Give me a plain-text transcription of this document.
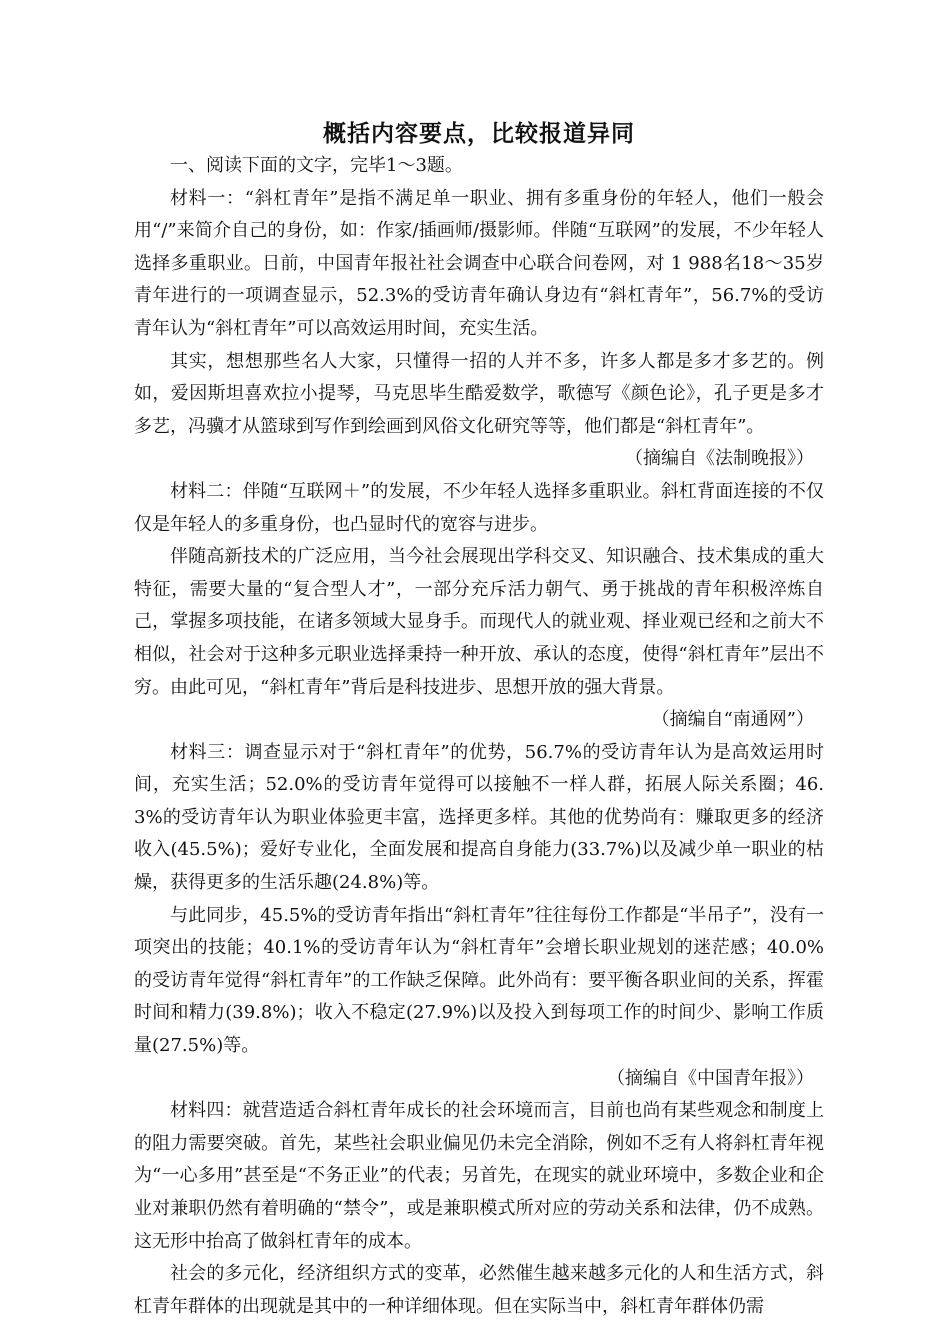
概括内容要点，比较报道异同

一、阅读下面的文字，完毕1～3题。

材料一：“斜杠青年”是指不满足单一职业、拥有多重身份的年轻人，他们一般会用“/”来简介自己的身份，如：作家/插画师/摄影师。伴随“互联网”的发展，不少年轻人选择多重职业。日前，中国青年报社社会调查中心联合问卷网，对 1 988名18～35岁青年进行的一项调查显示，52.3%的受访青年确认身边有“斜杠青年”，56.7%的受访青年认为“斜杠青年”可以高效运用时间，充实生活。

其实，想想那些名人大家，只懂得一招的人并不多，许多人都是多才多艺的。例如，爱因斯坦喜欢拉小提琴，马克思毕生酷爱数学，歌德写《颜色论》，孔子更是多才多艺，冯骥才从篮球到写作到绘画到风俗文化研究等等，他们都是“斜杠青年”。

（摘编自《法制晚报》）

材料二：伴随“互联网＋”的发展，不少年轻人选择多重职业。斜杠背面连接的不仅仅是年轻人的多重身份，也凸显时代的宽容与进步。

伴随高新技术的广泛应用，当今社会展现出学科交叉、知识融合、技术集成的重大特征，需要大量的“复合型人才”，一部分充斥活力朝气、勇于挑战的青年积极淬炼自己，掌握多项技能，在诸多领域大显身手。而现代人的就业观、择业观已经和之前大不相似，社会对于这种多元职业选择秉持一种开放、承认的态度，使得“斜杠青年”层出不穷。由此可见，“斜杠青年”背后是科技进步、思想开放的强大背景。

（摘编自“南通网”）

材料三：调查显示对于“斜杠青年”的优势，56.7%的受访青年认为是高效运用时间，充实生活；52.0%的受访青年觉得可以接触不一样人群，拓展人际关系圈；46.3%的受访青年认为职业体验更丰富，选择更多样。其他的优势尚有：赚取更多的经济收入(45.5%)；爱好专业化，全面发展和提高自身能力(33.7%)以及减少单一职业的枯燥，获得更多的生活乐趣(24.8%)等。

与此同步，45.5%的受访青年指出“斜杠青年”往往每份工作都是“半吊子”，没有一项突出的技能；40.1%的受访青年认为“斜杠青年”会增长职业规划的迷茫感；40.0%的受访青年觉得“斜杠青年”的工作缺乏保障。此外尚有：要平衡各职业间的关系，挥霍时间和精力(39.8%)；收入不稳定(27.9%)以及投入到每项工作的时间少、影响工作质量(27.5%)等。

（摘编自《中国青年报》）

材料四：就营造适合斜杠青年成长的社会环境而言，目前也尚有某些观念和制度上的阻力需要突破。首先，某些社会职业偏见仍未完全消除，例如不乏有人将斜杠青年视为“一心多用”甚至是“不务正业”的代表；另首先，在现实的就业环境中，多数企业和企业对兼职仍然有着明确的“禁令”，或是兼职模式所对应的劳动关系和法律，仍不成熟。这无形中抬高了做斜杠青年的成本。

社会的多元化，经济组织方式的变革，必然催生越来越多元化的人和生活方式，斜杠青年群体的出现就是其中的一种详细体现。但在实际当中，斜杠青年群体仍需
